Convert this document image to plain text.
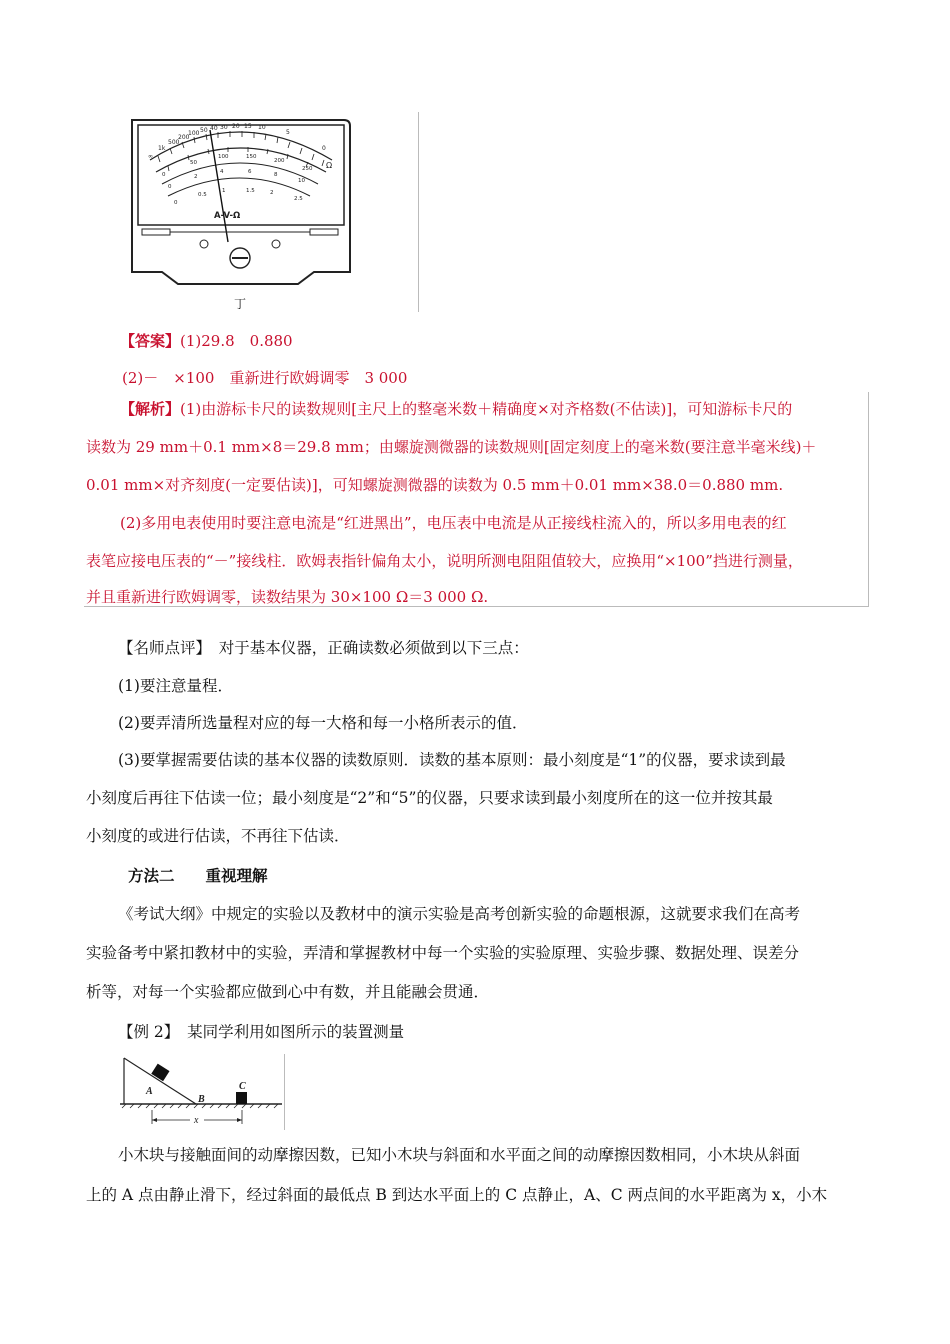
∞
1k
500
200
100 50 40 30 20 15 10
5
0
0
50
100	150
200
250
0
2
4	6	8
10
0
0.5
1	1.5	2
2.5
Ω
A-V-Ω
丁
【答案】(1)29.8　0.880
(2)－　×100　重新进行欧姆调零　3 000
【解析】(1)由游标卡尺的读数规则[主尺上的整毫米数＋精确度×对齐格数(不估读)]，可知游标卡尺的
读数为 29 mm＋0.1 mm×8＝29.8 mm；由螺旋测微器的读数规则[固定刻度上的毫米数(要注意半毫米线)＋
0.01 mm×对齐刻度(一定要估读)]，可知螺旋测微器的读数为 0.5 mm＋0.01 mm×38.0＝0.880 mm.
(2)多用电表使用时要注意电流是“红进黑出”，电压表中电流是从正接线柱流入的，所以多用电表的红
表笔应接电压表的“－”接线柱．欧姆表指针偏角太小，说明所测电阻阻值较大，应换用“×100”挡进行测量，
并且重新进行欧姆调零，读数结果为 30×100 Ω＝3 000 Ω.
【名师点评】　 对于基本仪器，正确读数必须做到以下三点：
(1)要注意量程．
(2)要弄清所选量程对应的每一大格和每一小格所表示的值．
(3)要掌握需要估读的基本仪器的读数原则．读数的基本原则：最小刻度是“1”的仪器，要求读到最
小刻度后再往下估读一位；最小刻度是“2”和“5”的仪器，只要求读到最小刻度所在的这一位并按其最
小刻度的或进行估读，不再往下估读．
方法二　　 重视理解
《考试大纲》中规定的实验以及教材中的演示实验是高考创新实验的命题根源，这就要求我们在高考
实验备考中紧扣教材中的实验，弄清和掌握教材中每一个实验的实验原理、实验步骤、数据处理、误差分
析等，对每一个实验都应做到心中有数，并且能融会贯通．
【例 2】　 某同学利用如图所示的装置测量
A
B
C
x
小木块与接触面间的动摩擦因数，已知小木块与斜面和水平面之间的动摩擦因数相同，小木块从斜面
上的 A 点由静止滑下，经过斜面的最低点 B 到达水平面上的 C 点静止，A、C 两点间的水平距离为 x，小木
